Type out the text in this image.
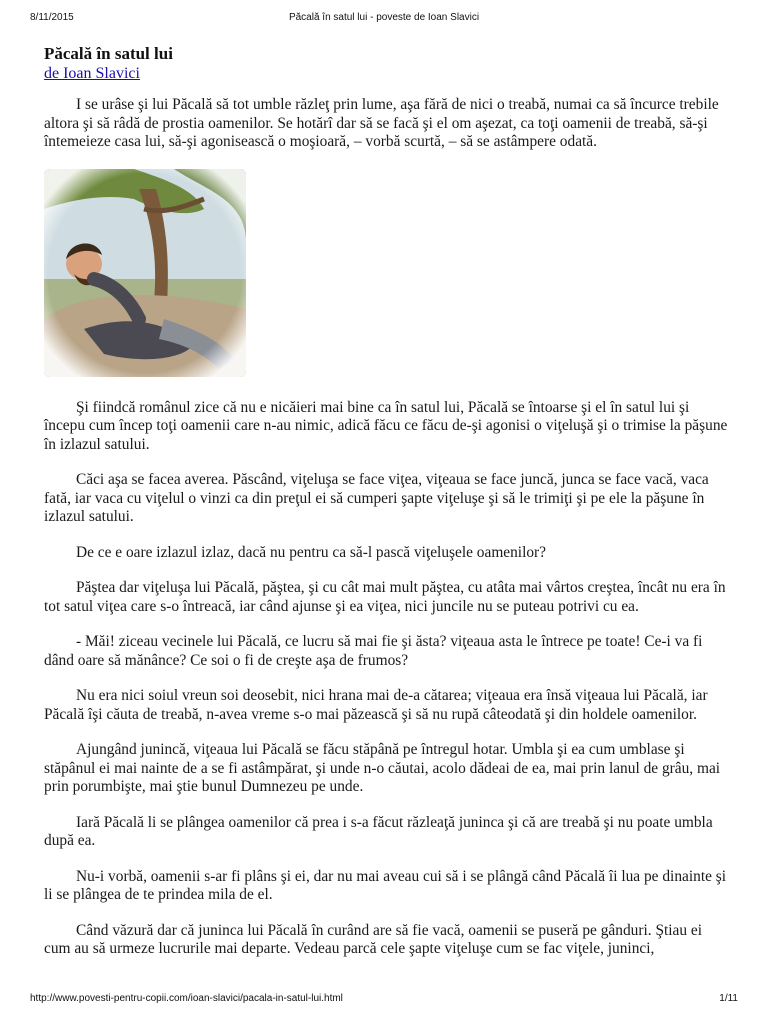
8/11/2015	Păcală în satul lui - poveste de Ioan Slavici
Păcală în satul lui
de Ioan Slavici

I se urâse şi lui Păcală să tot umble răzleţ prin lume, aşa fără de nici o treabă, numai ca să încurce trebile altora şi să râdă de prostia oamenilor. Se hotărî dar să se facă şi el om aşezat, ca toţi oamenii de treabă, să-şi întemeieze casa lui, să-şi agonisească o moşioară, – vorbă scurtă, – să se astâmpere odată.

Şi fiindcă românul zice că nu e nicăieri mai bine ca în satul lui, Păcală se întoarse şi el în satul lui şi începu cum încep toţi oamenii care n-au nimic, adică făcu ce făcu de-şi agonisi o viţeluşă şi o trimise la păşune în izlazul satului.

Căci aşa se facea averea. Păscând, viţeluşa se face viţea, viţeaua se face juncă, junca se face vacă, vaca fată, iar vaca cu viţelul o vinzi ca din preţul ei să cumperi şapte viţeluşe şi să le trimiţi şi pe ele la păşune în izlazul satului.

De ce e oare izlazul izlaz, dacă nu pentru ca să-l pască viţeluşele oamenilor?

Păştea dar viţeluşa lui Păcală, păştea, şi cu cât mai mult păştea, cu atâta mai vârtos creştea, încât nu era în tot satul viţea care s-o întreacă, iar când ajunse şi ea viţea, nici juncile nu se puteau potrivi cu ea.

- Măi! ziceau vecinele lui Păcală, ce lucru să mai fie şi ăsta? viţeaua asta le întrece pe toate! Ce-i va fi dând oare să mănânce? Ce soi o fi de creşte aşa de frumos?

Nu era nici soiul vreun soi deosebit, nici hrana mai de-a cătarea; viţeaua era însă viţeaua lui Păcală, iar Păcală îşi căuta de treabă, n-avea vreme s-o mai păzească şi să nu rupă câteodată şi din holdele oamenilor.

Ajungând junincă, viţeaua lui Păcală se făcu stăpână pe întregul hotar. Umbla şi ea cum umblase şi stăpânul ei mai nainte de a se fi astâmpărat, şi unde n-o căutai, acolo dădeai de ea, mai prin lanul de grâu, mai prin porumbişte, mai ştie bunul Dumnezeu pe unde.

Iară Păcală li se plângea oamenilor că prea i s-a făcut răzleaţă juninca şi că are treabă şi nu poate umbla după ea.

Nu-i vorbă, oamenii s-ar fi plâns şi ei, dar nu mai aveau cui să i se plângă când Păcală îi lua pe dinainte şi li se plângea de te prindea mila de el.

Când văzură dar că juninca lui Păcală în curând are să fie vacă, oamenii se puseră pe gânduri. Ştiau ei cum au să urmeze lucrurile mai departe. Vedeau parcă cele şapte viţeluşe cum se fac viţele, juninci,

http://www.povesti-pentru-copii.com/ioan-slavici/pacala-in-satul-lui.html	1/11
